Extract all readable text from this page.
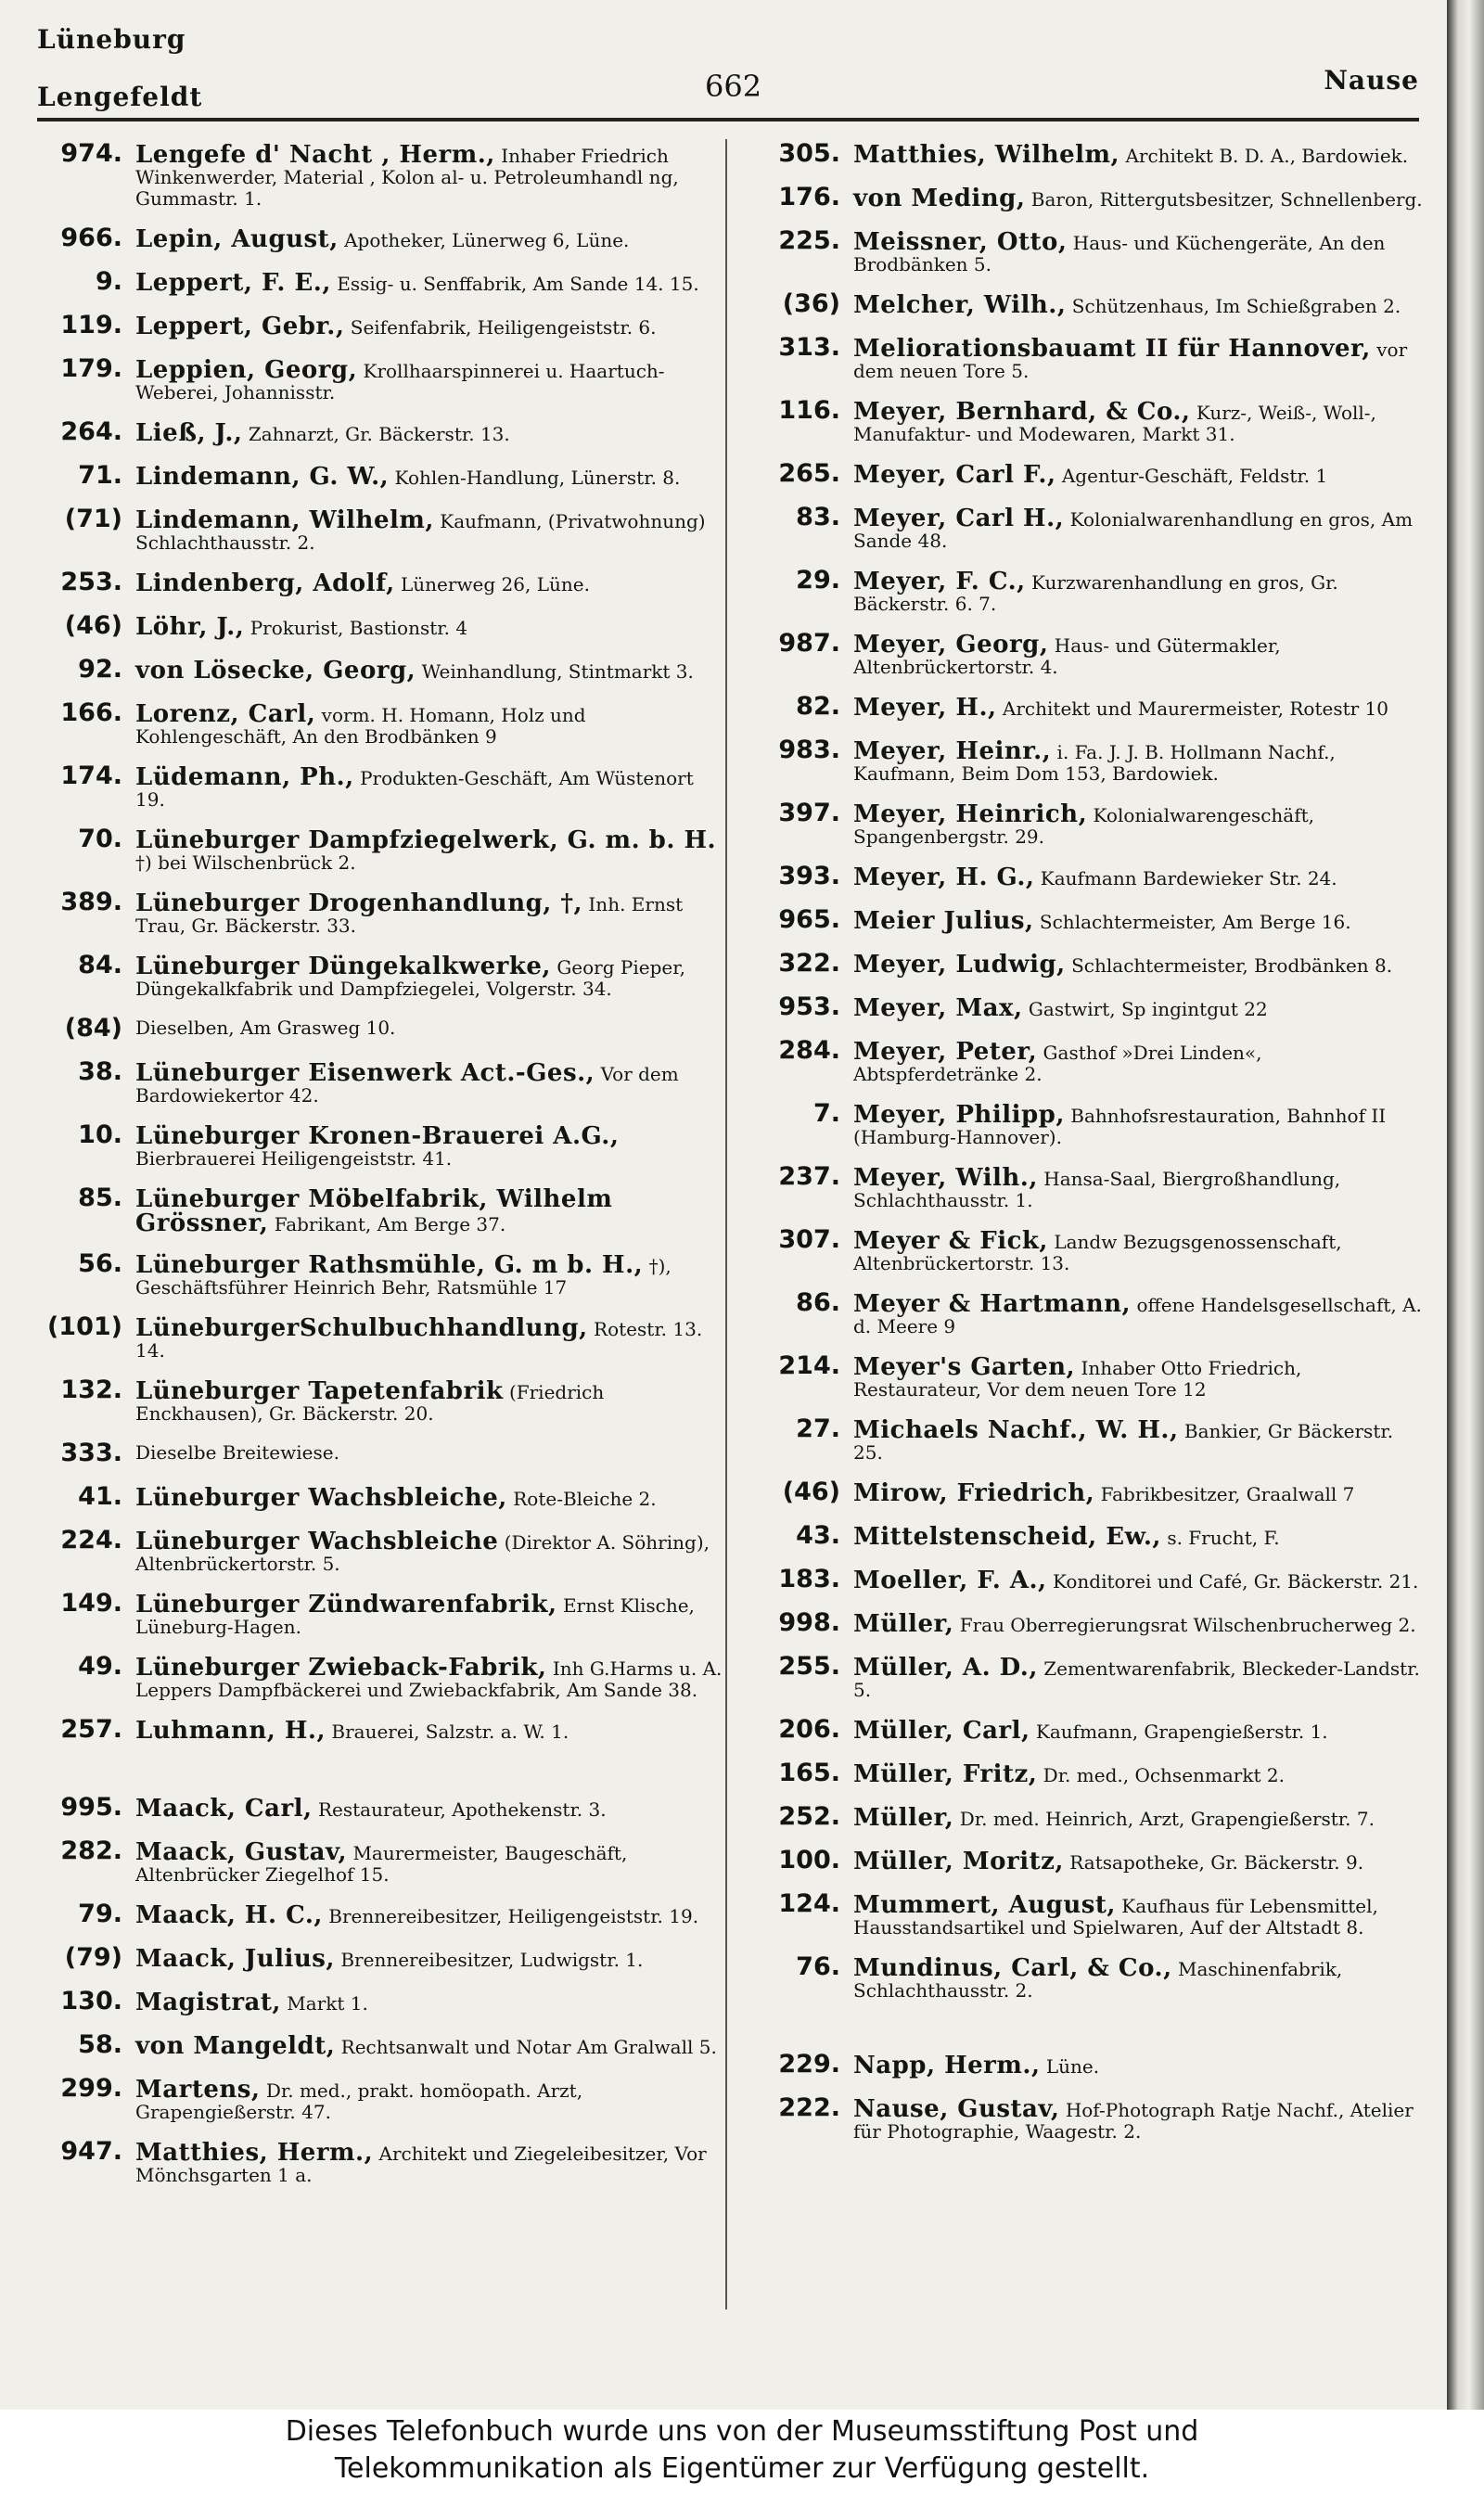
Lüneburg
Lengefeldt	662	Nause
974. Lengefe d' Nacht , Herm., Inhaber Friedrich Winkenwerder, Material , Kolon al- u. Petroleumhandl ng, Gummastr. 1.
966. Lepin, August, Apotheker, Lünerweg 6, Lüne.
9. Leppert, F. E., Essig- u. Senffabrik, Am Sande 14. 15.
119. Leppert, Gebr., Seifenfabrik, Heiligengeiststr. 6.
179. Leppien, Georg, Krollhaarspinnerei u. Haartuch-Weberei, Johannisstr.
264. Ließ, J., Zahnarzt, Gr. Bäckerstr. 13.
71. Lindemann, G. W., Kohlen-Handlung, Lünerstr. 8.
(71) Lindemann, Wilhelm, Kaufmann, (Privatwohnung) Schlachthausstr. 2.
253. Lindenberg, Adolf, Lünerweg 26, Lüne.
(46) Löhr, J., Prokurist, Bastionstr. 4
92. von Lösecke, Georg, Weinhandlung, Stintmarkt 3.
166. Lorenz, Carl, vorm. H. Homann, Holz und Kohlengeschäft, An den Brodbänken 9
174. Lüdemann, Ph., Produkten-Geschäft, Am Wüstenort 19.
70. Lüneburger Dampfziegelwerk, G. m. b. H. †) bei Wilschenbrück 2.
389. Lüneburger Drogenhandlung, †, Inh. Ernst Trau, Gr. Bäckerstr. 33.
84. Lüneburger Düngekalkwerke, Georg Pieper, Düngekalkfabrik und Dampfziegelei, Volgerstr. 34.
(84) Dieselben, Am Grasweg 10.
38. Lüneburger Eisenwerk Act.-Ges., Vor dem Bardowiekertor 42.
10. Lüneburger Kronen-Brauerei A.G., Bierbrauerei Heiligengeiststr. 41.
85. Lüneburger Möbelfabrik, Wilhelm Grössner, Fabrikant, Am Berge 37.
56. Lüneburger Rathsmühle, G. m b. H., †), Geschäftsführer Heinrich Behr, Ratsmühle 17
(101) LüneburgerSchulbuchhandlung, Rotestr. 13. 14.
132. Lüneburger Tapetenfabrik (Friedrich Enckhausen), Gr. Bäckerstr. 20.
333. Dieselbe Breitewiese.
41. Lüneburger Wachsbleiche, Rote-Bleiche 2.
224. Lüneburger Wachsbleiche (Direktor A. Söhring), Altenbrückertorstr. 5.
149. Lüneburger Zündwarenfabrik, Ernst Klische, Lüneburg-Hagen.
49. Lüneburger Zwieback-Fabrik, Inh G.Harms u. A. Leppers Dampfbäckerei und Zwiebackfabrik, Am Sande 38.
257. Luhmann, H., Brauerei, Salzstr. a. W. 1.
995. Maack, Carl, Restaurateur, Apothekenstr. 3.
282. Maack, Gustav, Maurermeister, Baugeschäft, Altenbrücker Ziegelhof 15.
79. Maack, H. C., Brennereibesitzer, Heiligengeiststr. 19.
(79) Maack, Julius, Brennereibesitzer, Ludwigstr. 1.
130. Magistrat, Markt 1.
58. von Mangeldt, Rechtsanwalt und Notar Am Gralwall 5.
299. Martens, Dr. med., prakt. homöopath. Arzt, Grapengießerstr. 47.
947. Matthies, Herm., Architekt und Ziegeleibesitzer, Vor Mönchsgarten 1 a.
305. Matthies, Wilhelm, Architekt B. D. A., Bardowiek.
176. von Meding, Baron, Rittergutsbesitzer, Schnellenberg.
225. Meissner, Otto, Haus- und Küchengeräte, An den Brodbänken 5.
(36) Melcher, Wilh., Schützenhaus, Im Schießgraben 2.
313. Meliorationsbauamt II für Hannover, vor dem neuen Tore 5.
116. Meyer, Bernhard, & Co., Kurz-, Weiß-, Woll-, Manufaktur- und Modewaren, Markt 31.
265. Meyer, Carl F., Agentur-Geschäft, Feldstr. 1
83. Meyer, Carl H., Kolonialwarenhandlung en gros, Am Sande 48.
29. Meyer, F. C., Kurzwarenhandlung en gros, Gr. Bäckerstr. 6. 7.
987. Meyer, Georg, Haus- und Gütermakler, Altenbrückertorstr. 4.
82. Meyer, H., Architekt und Maurermeister, Rotestr 10
983. Meyer, Heinr., i. Fa. J. J. B. Hollmann Nachf., Kaufmann, Beim Dom 153, Bardowiek.
397. Meyer, Heinrich, Kolonialwarengeschäft, Spangenbergstr. 29.
393. Meyer, H. G., Kaufmann Bardewieker Str. 24.
965. Meier Julius, Schlachtermeister, Am Berge 16.
322. Meyer, Ludwig, Schlachtermeister, Brodbänken 8.
953. Meyer, Max, Gastwirt, Sp ingintgut 22
284. Meyer, Peter, Gasthof »Drei Linden«, Abtspferdetränke 2.
7. Meyer, Philipp, Bahnhofsrestauration, Bahnhof II (Hamburg-Hannover).
237. Meyer, Wilh., Hansa-Saal, Biergroßhandlung, Schlachthausstr. 1.
307. Meyer & Fick, Landw Bezugsgenossenschaft, Altenbrückertorstr. 13.
86. Meyer & Hartmann, offene Handelsgesellschaft, A. d. Meere 9
214. Meyer's Garten, Inhaber Otto Friedrich, Restaurateur, Vor dem neuen Tore 12
27. Michaels Nachf., W. H., Bankier, Gr Bäckerstr. 25.
(46) Mirow, Friedrich, Fabrikbesitzer, Graalwall 7
43. Mittelstenscheid, Ew., s. Frucht, F.
183. Moeller, F. A., Konditorei und Café, Gr. Bäckerstr. 21.
998. Müller, Frau Oberregierungsrat Wilschenbrucherweg 2.
255. Müller, A. D., Zementwarenfabrik, Bleckeder-Landstr. 5.
206. Müller, Carl, Kaufmann, Grapengießerstr. 1.
165. Müller, Fritz, Dr. med., Ochsenmarkt 2.
252. Müller, Dr. med. Heinrich, Arzt, Grapengießerstr. 7.
100. Müller, Moritz, Ratsapotheke, Gr. Bäckerstr. 9.
124. Mummert, August, Kaufhaus für Lebensmittel, Hausstandsartikel und Spielwaren, Auf der Altstadt 8.
76. Mundinus, Carl, & Co., Maschinenfabrik, Schlachthausstr. 2.
229. Napp, Herm., Lüne.
222. Nause, Gustav, Hof-Photograph Ratje Nachf., Atelier für Photographie, Waagestr. 2.
Dieses Telefonbuch wurde uns von der Museumsstiftung Post und
Telekommunikation als Eigentümer zur Verfügung gestellt.
